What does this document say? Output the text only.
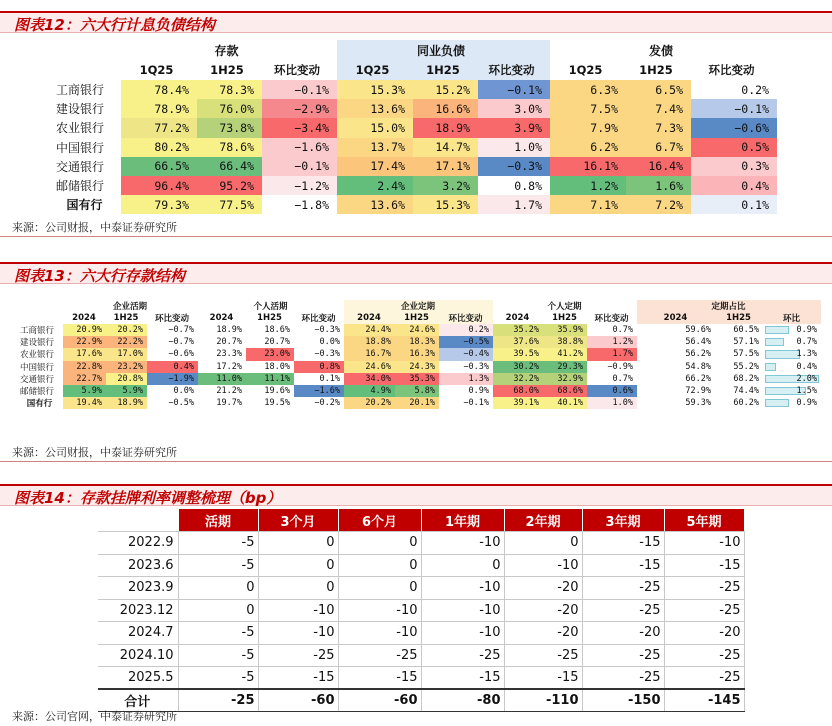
图表12：六大行计息负债结构
	存款			同业负债			发债		
	1Q25	1H25	环比变动	1Q25	1H25	环比变动	1Q25	1H25	环比变动
工商银行	78.4%	78.3%	−0.1%	15.3%	15.2%	−0.1%	6.3%	6.5%	0.2%
建设银行	78.9%	76.0%	−2.9%	13.6%	16.6%	3.0%	7.5%	7.4%	−0.1%
农业银行	77.2%	73.8%	−3.4%	15.0%	18.9%	3.9%	7.9%	7.3%	−0.6%
中国银行	80.2%	78.6%	−1.6%	13.7%	14.7%	1.0%	6.2%	6.7%	0.5%
交通银行	66.5%	66.4%	−0.1%	17.4%	17.1%	−0.3%	16.1%	16.4%	0.3%
邮储银行	96.4%	95.2%	−1.2%	2.4%	3.2%	0.8%	1.2%	1.6%	0.4%
国有行	79.3%	77.5%	−1.8%	13.6%	15.3%	1.7%	7.1%	7.2%	0.1%
来源：公司财报，中泰证券研究所
图表13：六大行存款结构
	企业活期			个人活期			企业定期			个人定期			定期占比		
	2024	1H25	环比变动	2024	1H25	环比变动	2024	1H25	环比变动	2024	1H25	环比变动	2024	1H25	环比
工商银行	20.9%	20.2%	−0.7%	18.9%	18.6%	−0.3%	24.4%	24.6%	0.2%	35.2%	35.9%	0.7%	59.6%	60.5%	0.9%
建设银行	22.9%	22.2%	−0.7%	20.7%	20.7%	0.0%	18.8%	18.3%	−0.5%	37.6%	38.8%	1.2%	56.4%	57.1%	0.7%
农业银行	17.6%	17.0%	−0.6%	23.3%	23.0%	−0.3%	16.7%	16.3%	−0.4%	39.5%	41.2%	1.7%	56.2%	57.5%	1.3%
中国银行	22.8%	23.2%	0.4%	17.2%	18.0%	0.8%	24.6%	24.3%	−0.3%	30.2%	29.3%	−0.9%	54.8%	55.2%	0.4%
交通银行	22.7%	20.8%	−1.9%	11.0%	11.1%	0.1%	34.0%	35.3%	1.3%	32.2%	32.9%	0.7%	66.2%	68.2%	2.0%
邮储银行	5.9%	5.9%	0.0%	21.2%	19.6%	−1.6%	4.9%	5.8%	0.9%	68.0%	68.6%	0.6%	72.9%	74.4%	1.5%
国有行	19.4%	18.9%	−0.5%	19.7%	19.5%	−0.2%	20.2%	20.1%	−0.1%	39.1%	40.1%	1.0%	59.3%	60.2%	0.9%
来源：公司财报，中泰证券研究所
图表14：存款挂牌利率调整梳理（bp）
	活期	3个月	6个月	1年期	2年期	3年期	5年期
2022.9	-5	0	0	-10	0	-15	-10
2023.6	-5	0	0	0	-10	-15	-15
2023.9	0	0	0	-10	-20	-25	-25
2023.12	0	-10	-10	-10	-20	-25	-25
2024.7	-5	-10	-10	-10	-20	-20	-20
2024.10	-5	-25	-25	-25	-25	-25	-25
2025.5	-5	-15	-15	-15	-15	-25	-25
合计	-25	-60	-60	-80	-110	-150	-145
来源：公司官网，中泰证券研究所
